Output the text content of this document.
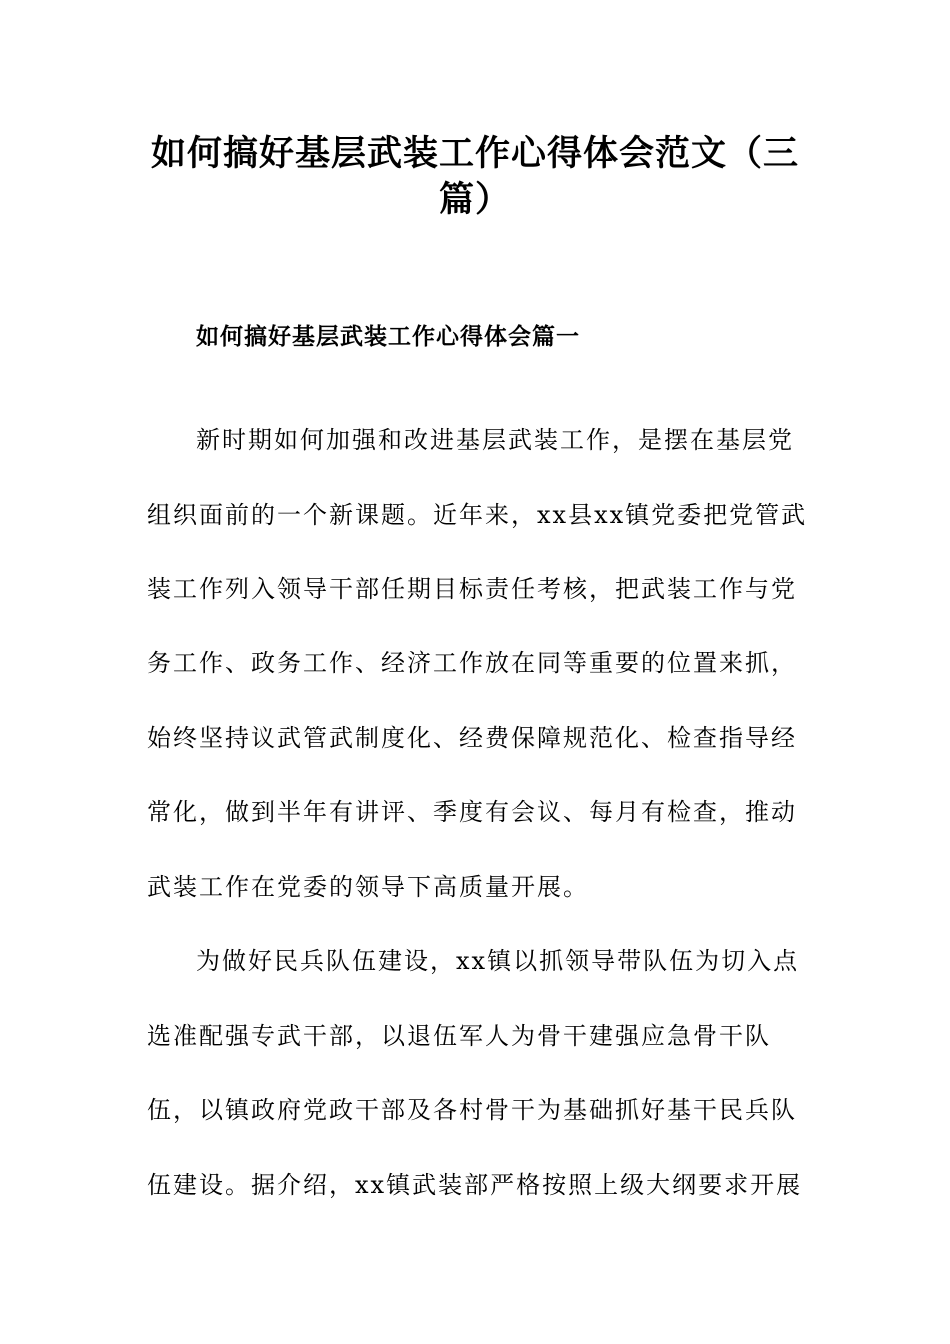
如何搞好基层武装工作心得体会范文（三
篇）
如何搞好基层武装工作心得体会篇一
新时期如何加强和改进基层武装工作，是摆在基层党
组织面前的一个新课题。近年来，xx县xx镇党委把党管武
装工作列入领导干部任期目标责任考核，把武装工作与党
务工作、政务工作、经济工作放在同等重要的位置来抓，
始终坚持议武管武制度化、经费保障规范化、检查指导经
常化，做到半年有讲评、季度有会议、每月有检查，推动
武装工作在党委的领导下高质量开展。
为做好民兵队伍建设，xx镇以抓领导带队伍为切入点
选准配强专武干部，以退伍军人为骨干建强应急骨干队
伍，以镇政府党政干部及各村骨干为基础抓好基干民兵队
伍建设。据介绍，xx镇武装部严格按照上级大纲要求开展
